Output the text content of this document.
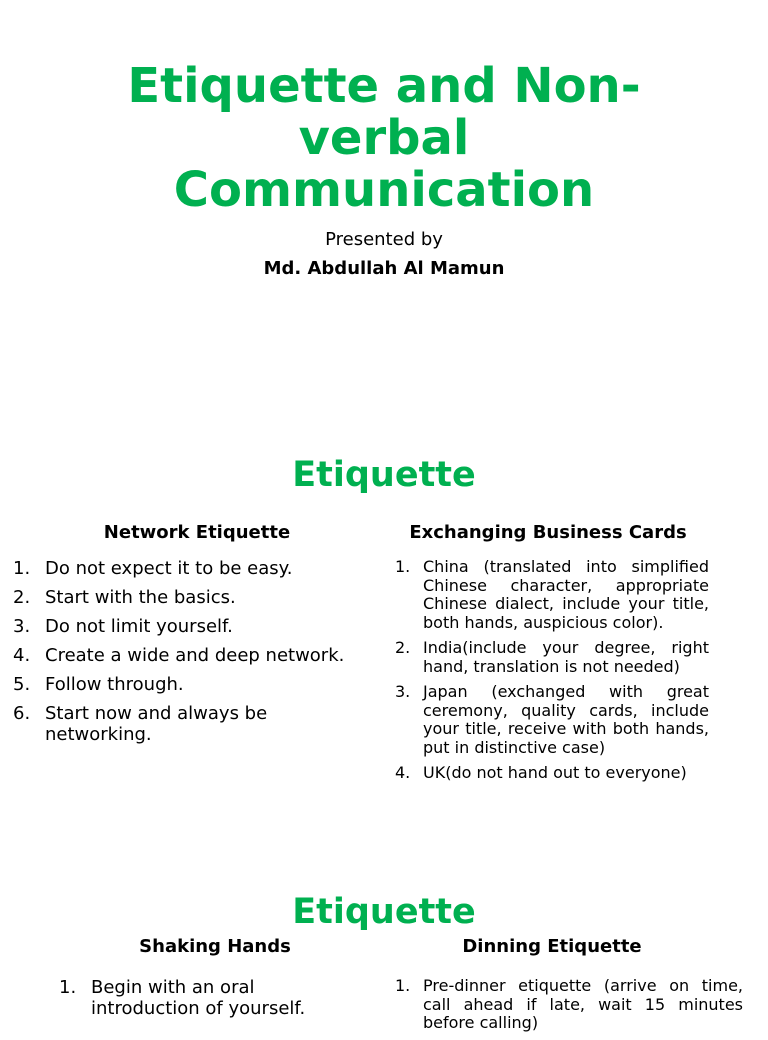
Etiquette and Non-
verbal
Communication
Presented by
Md. Abdullah Al Mamun
Etiquette
Network Etiquette
1. Do not expect it to be easy.
2. Start with the basics.
3. Do not limit yourself.
4. Create a wide and deep network.
5. Follow through.
6. Start now and always be networking.
Exchanging Business Cards
1. China (translated into simplified Chinese character, appropriate Chinese dialect, include your title, both hands, auspicious color).
2. India(include your degree, right hand, translation is not needed)
3. Japan (exchanged with great ceremony, quality cards, include your title, receive with both hands, put in distinctive case)
4. UK(do not hand out to everyone)
Etiquette
Shaking Hands
1. Begin with an oral introduction of yourself.
Dinning Etiquette
1. Pre-dinner etiquette (arrive on time, call ahead if late, wait 15 minutes before calling)
